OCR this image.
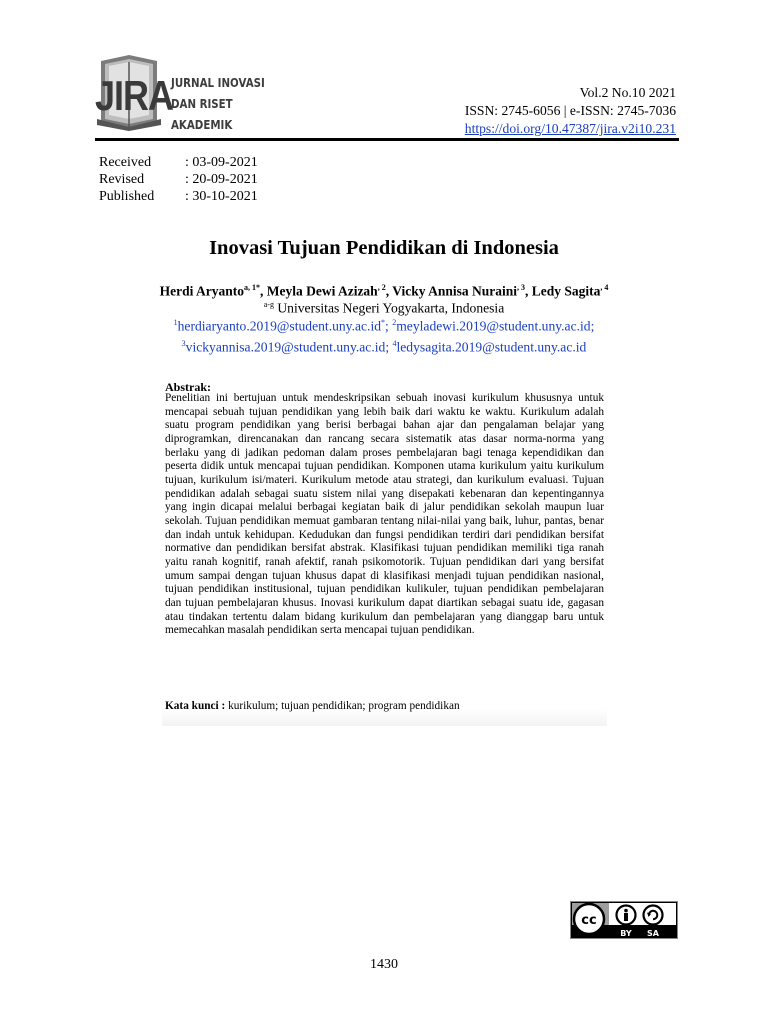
JIRA
JURNAL INOVASI
DAN RISET AKADEMIK
Vol.2 No.10 2021
ISSN: 2745-6056 | e-ISSN: 2745-7036
https://doi.org/10.47387/jira.v2i10.231
Received	: 03-09-2021
Revised	: 20-09-2021
Published	: 30-10-2021
Inovasi Tujuan Pendidikan di Indonesia
Herdi Aryanto$^{a, 1*}$, Meyla Dewi Azizah$^{, 2}$, Vicky Annisa Nuraini$^{, 3}$, Ledy Sagita$^{, 4}$
$^{a-g}$ Universitas Negeri Yogyakarta, Indonesia
$^1$herdiaryanto.2019@student.uny.ac.id*; $^2$meyladewi.2019@student.uny.ac.id;
$^3$vickyannisa.2019@student.uny.ac.id; $^4$ledysagita.2019@student.uny.ac.id
Abstrak:
Penelitian ini bertujuan untuk mendeskripsikan sebuah inovasi kurikulum khususnya untuk mencapai sebuah tujuan pendidikan yang lebih baik dari waktu ke waktu. Kurikulum adalah suatu program pendidikan yang berisi berbagai bahan ajar dan pengalaman belajar yang diprogramkan, direncanakan dan rancang secara sistematik atas dasar norma-norma yang berlaku yang di jadikan pedoman dalam proses pembelajaran bagi tenaga kependidikan dan peserta didik untuk mencapai tujuan pendidikan. Komponen utama kurikulum yaitu kurikulum tujuan, kurikulum isi/materi. Kurikulum metode atau strategi, dan kurikulum evaluasi. Tujuan pendidikan adalah sebagai suatu sistem nilai yang disepakati kebenaran dan kepentingannya yang ingin dicapai melalui berbagai kegiatan baik di jalur pendidikan sekolah maupun luar sekolah. Tujuan pendidikan memuat gambaran tentang nilai-nilai yang baik, luhur, pantas, benar dan indah untuk kehidupan. Kedudukan dan fungsi pendidikan terdiri dari pendidikan bersifat normative dan pendidikan bersifat abstrak. Klasifikasi tujuan pendidikan memiliki tiga ranah yaitu ranah kognitif, ranah afektif, ranah psikomotorik. Tujuan pendidikan dari yang bersifat umum sampai dengan tujuan khusus dapat di klasifikasi menjadi tujuan pendidikan nasional, tujuan pendidikan institusional, tujuan pendidikan kulikuler, tujuan pendidikan pembelajaran dan tujuan pembelajaran khusus. Inovasi kurikulum dapat diartikan sebagai suatu ide, gagasan atau tindakan tertentu dalam bidang kurikulum dan pembelajaran yang dianggap baru untuk memecahkan masalah pendidikan serta mencapai tujuan pendidikan.
Kata kunci : kurikulum; tujuan pendidikan; program pendidikan
cc
BY SA
1430
